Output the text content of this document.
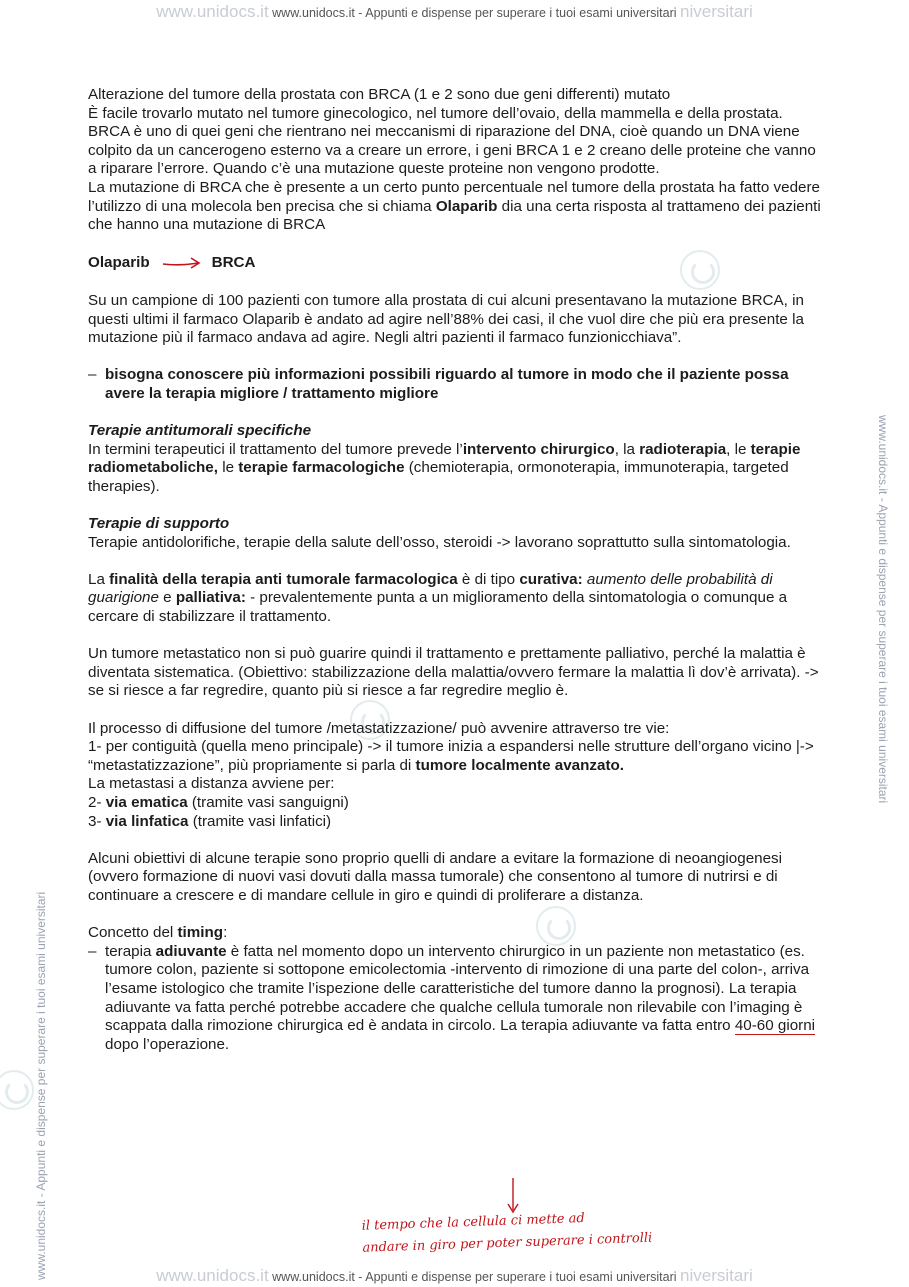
www.unidocs.it www.unidocs.it - Appunti e dispense per superare i tuoi esami universitari niversitari
www.unidocs.it - Appunti e dispense per superare i tuoi esami universitari
www.unidocs.it - Appunti e dispense per superare i tuoi esami universitari

Alterazione del tumore della prostata con BRCA (1 e 2 sono due geni differenti) mutato

È facile trovarlo mutato nel tumore ginecologico, nel tumore dell’ovaio, della mammella e della prostata.

BRCA è uno di quei geni che rientrano nei meccanismi di riparazione del DNA, cioè quando un DNA viene colpito da un cancerogeno esterno va a creare un errore, i geni BRCA 1 e 2 creano delle proteine che vanno a riparare l’errore. Quando c’è una mutazione queste proteine non vengono prodotte.

La mutazione di BRCA che è presente a un certo punto percentuale nel tumore della prostata ha fatto vedere l’utilizzo di una molecola ben precisa che si chiama Olaparib dia una certa risposta al trattameno dei pazienti che hanno una mutazione di BRCA

Olaparib	BRCA

Su un campione di 100 pazienti con tumore alla prostata di cui alcuni presentavano la mutazione BRCA, in questi ultimi il farmaco Olaparib è andato ad agire nell’88% dei casi, il che vuol dire che più era presente la mutazione più il farmaco andava ad agire. Negli altri pazienti il farmaco funzionicchiava”.

– bisogna conoscere più informazioni possibili riguardo al tumore in modo che il paziente possa avere la terapia migliore / trattamento migliore

Terapie antitumorali specifiche

In termini terapeutici il trattamento del tumore prevede l’intervento chirurgico, la radioterapia, le terapie radiometaboliche, le terapie farmacologiche (chemioterapia, ormonoterapia, immunoterapia, targeted therapies).

Terapie di supporto

Terapie antidolorifiche, terapie della salute dell’osso, steroidi -> lavorano soprattutto sulla sintomatologia.

La finalità della terapia anti tumorale farmacologica è di tipo curativa: aumento delle probabilità di guarigione e palliativa: - prevalentemente punta a un miglioramento della sintomatologia o comunque a cercare di stabilizzare il trattamento.

Un tumore metastatico non si può guarire quindi il trattamento e prettamente palliativo, perché la malattia è diventata sistematica. (Obiettivo: stabilizzazione della malattia/ovvero fermare la malattia lì dov’è arrivata). -> se si riesce a far regredire, quanto più si riesce a far regredire meglio è.

Il processo di diffusione del tumore /metastatizzazione/ può avvenire attraverso tre vie:

1- per contiguità (quella meno principale) -> il tumore inizia a espandersi nelle strutture dell’organo vicino |-> “metastatizzazione”, più propriamente si parla di tumore localmente avanzato.

La metastasi a distanza avviene per:

2- via ematica (tramite vasi sanguigni)

3- via linfatica (tramite vasi linfatici)

Alcuni obiettivi di alcune terapie sono proprio quelli di andare a evitare la formazione di neoangiogenesi (ovvero formazione di nuovi vasi dovuti dalla massa tumorale) che consentono al tumore di nutrirsi e di continuare a crescere e di mandare cellule in giro e quindi di proliferare a distanza.

Concetto del timing:

– terapia adiuvante è fatta nel momento dopo un intervento chirurgico in un paziente non metastatico (es. tumore colon, paziente si sottopone emicolectomia -intervento di rimozione di una parte del colon-, arriva l’esame istologico che tramite l’ispezione delle caratteristiche del tumore danno la prognosi). La terapia adiuvante va fatta perché potrebbe accadere che qualche cellula tumorale non rilevabile con l’imaging è scappata dalla rimozione chirurgica ed è andata in circolo. La terapia adiuvante va fatta entro 40-60 giorni dopo l’operazione.
il tempo che la cellula ci mette ad
andare in giro per poter superare i controlli
www.unidocs.it www.unidocs.it - Appunti e dispense per superare i tuoi esami universitari niversitari
